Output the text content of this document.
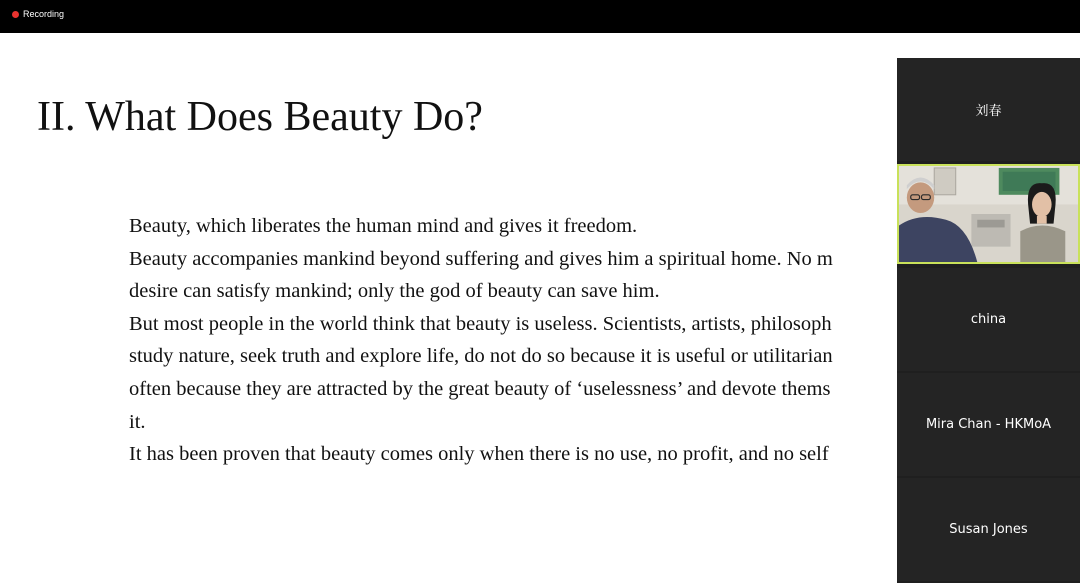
Recording
II. What Does Beauty Do?
Beauty, which liberates the human mind and gives it freedom.
Beauty accompanies mankind beyond suffering and gives him a spiritual home. No m
desire can satisfy mankind; only the god of beauty can save him.
But most people in the world think that beauty is useless. Scientists, artists, philosoph
study nature, seek truth and explore life, do not do so because it is useful or utilitarian
often because they are attracted by the great beauty of ‘uselessness’ and devote thems
it.
It has been proven that beauty comes only when there is no use, no profit, and no self
刘春
china
Mira Chan - HKMoA
Susan Jones
